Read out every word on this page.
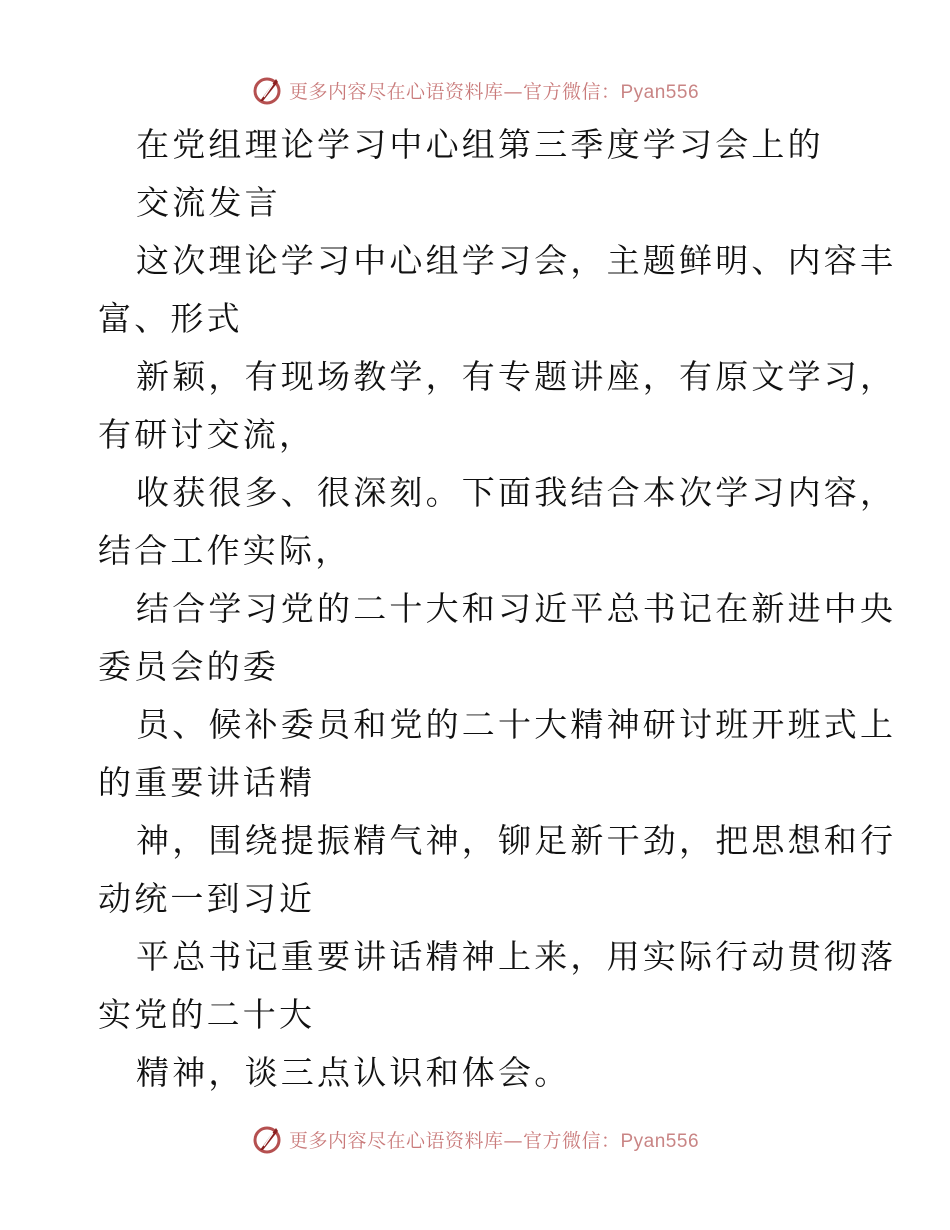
更多内容尽在心语资料库—官方微信：Pyan556
在党组理论学习中心组第三季度学习会上的
交流发言
这次理论学习中心组学习会，主题鲜明、内容丰
富、形式
新颖，有现场教学，有专题讲座，有原文学习，
有研讨交流，
收获很多、很深刻。下面我结合本次学习内容，
结合工作实际，
结合学习党的二十大和习近平总书记在新进中央
委员会的委
员、候补委员和党的二十大精神研讨班开班式上
的重要讲话精
神，围绕提振精气神，铆足新干劲，把思想和行
动统一到习近
平总书记重要讲话精神上来，用实际行动贯彻落
实党的二十大
精神，谈三点认识和体会。
更多内容尽在心语资料库—官方微信：Pyan556
